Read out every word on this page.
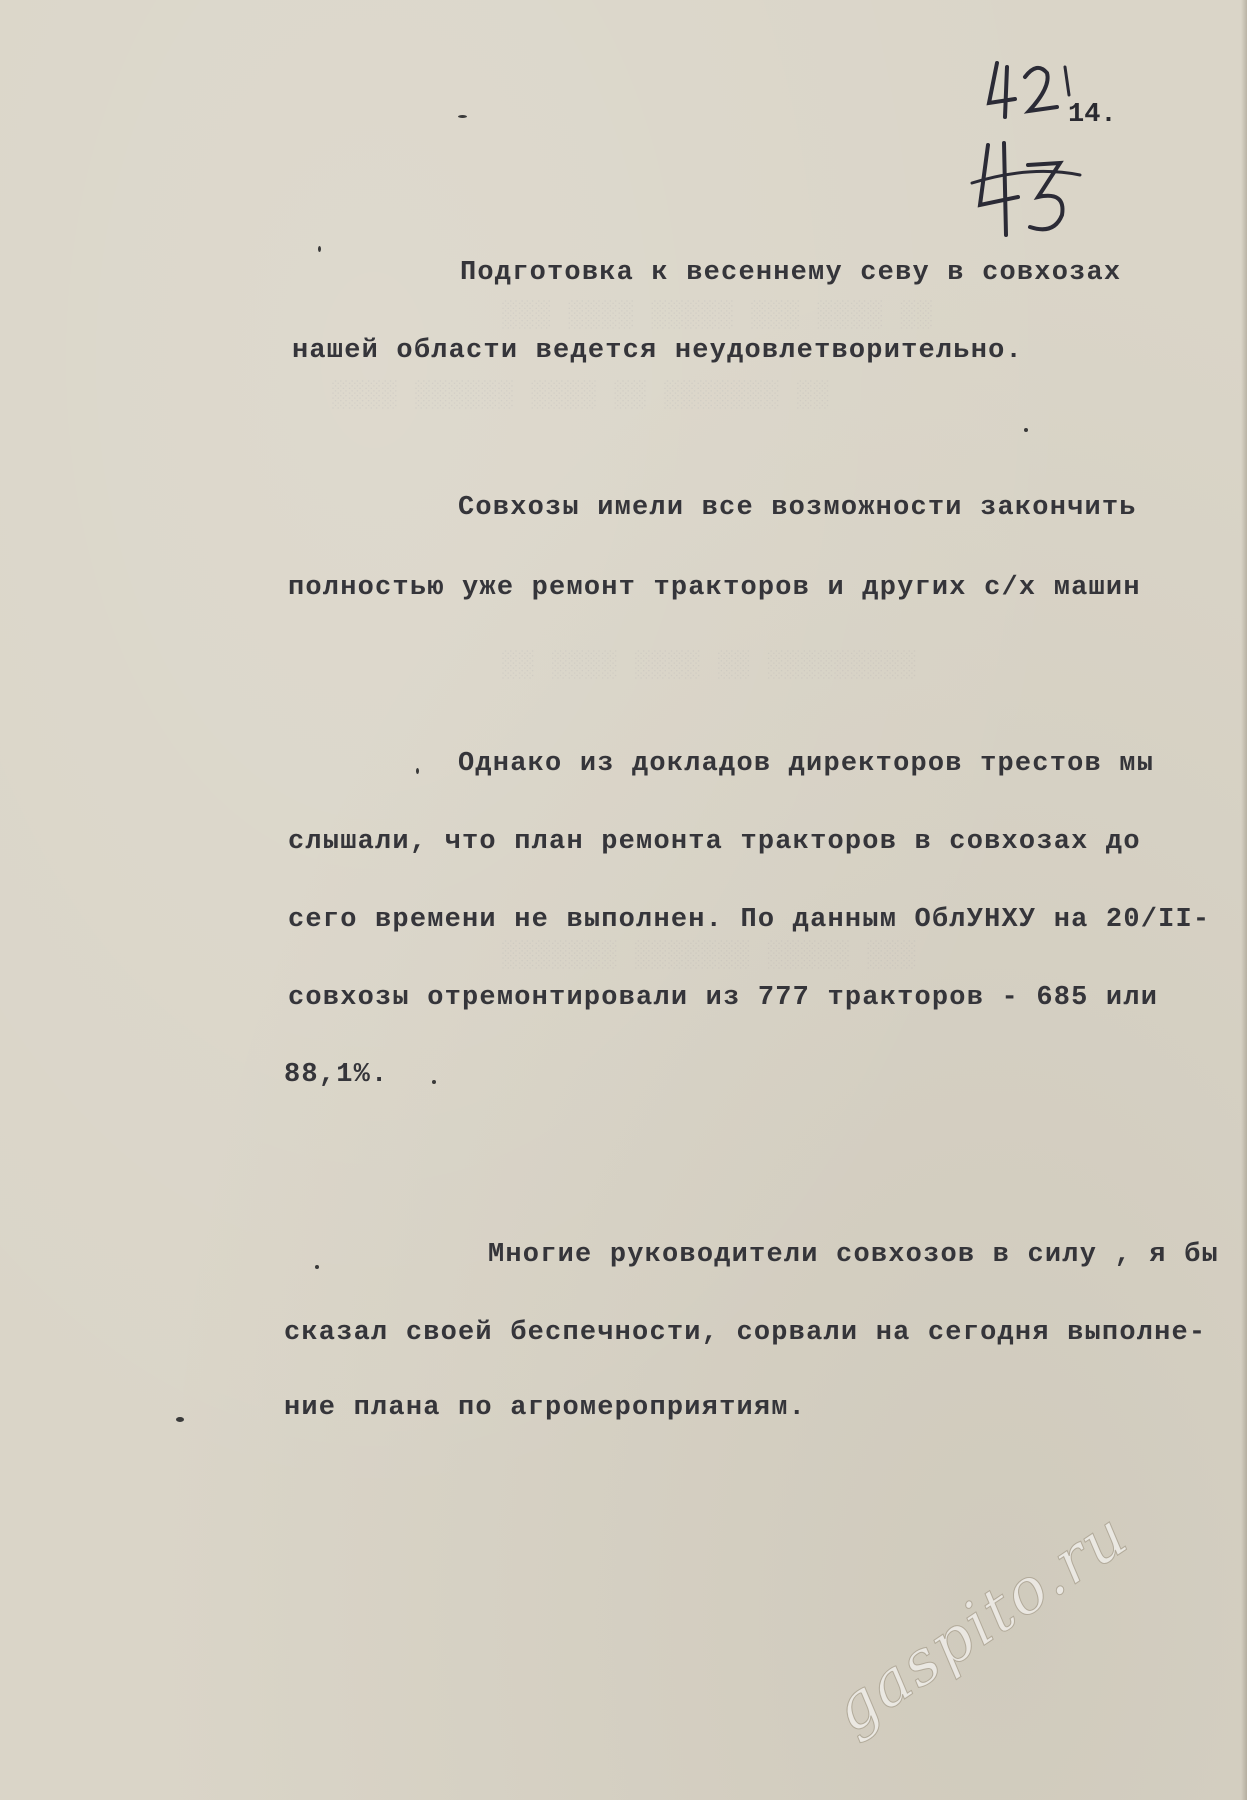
░░ ░░░░ ░░░ ░░░░░ ░░░░ ░░░
░░ ░░░░░░░ ░░ ░░░░ ░░░░░░ ░░░░
░░░░░░░░░ ░░ ░░░░ ░░░░ ░░
░░░ ░░░░░ ░░░░░░░ ░░░░░░░
14.
Подготовка к весеннему севу в совхозах
нашей области ведется неудовлетворительно.
Совхозы имели все возможности закончить
полностью уже ремонт тракторов и других с/х машин
Однако из докладов директоров трестов мы
слышали, что план ремонта тракторов в совхозах до
сего времени не выполнен. По данным ОблУНХУ на 20/II-
совхозы отремонтировали из 777 тракторов - 685 или
88,1%.
Многие руководители совхозов в силу , я бы
сказал своей беспечности, сорвали на сегодня выполне-
ние плана по агромероприятиям.
gaspito.ru
